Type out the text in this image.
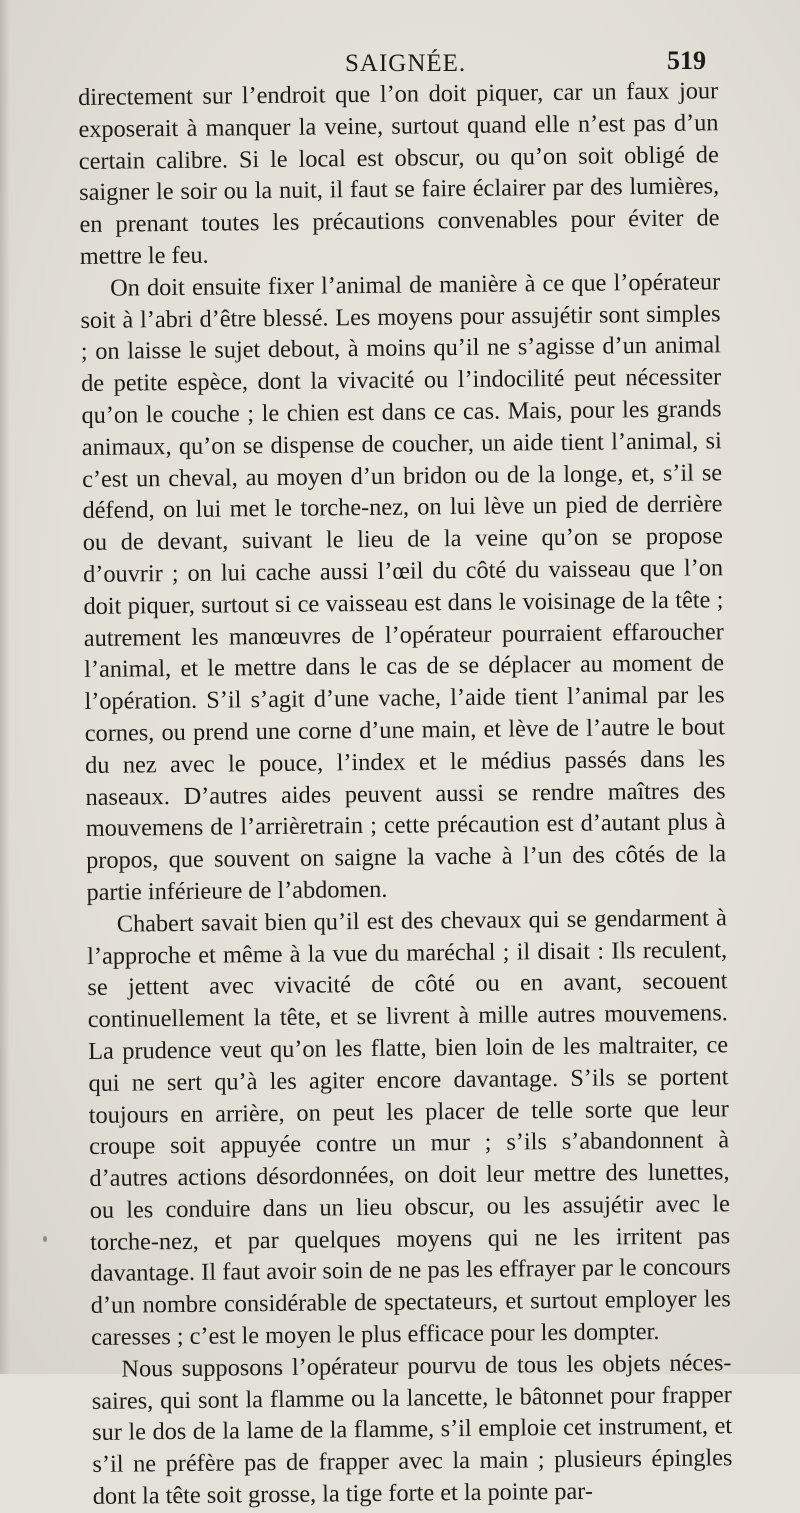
SAIGNÉE.	519

directement sur l’endroit que l’on doit piquer, car un faux jour exposerait à manquer la veine, surtout quand elle n’est pas d’un certain calibre. Si le local est obscur, ou qu’on soit obligé de saigner le soir ou la nuit, il faut se faire éclairer par des lumières, en prenant toutes les précautions convenables pour éviter de mettre le feu.

On doit ensuite fixer l’animal de manière à ce que l’opérateur soit à l’abri d’être blessé. Les moyens pour assujétir sont simples ; on laisse le sujet debout, à moins qu’il ne s’agisse d’un animal de petite espèce, dont la vivacité ou l’indocilité peut nécessiter qu’on le couche ; le chien est dans ce cas. Mais, pour les grands animaux, qu’on se dispense de coucher, un aide tient l’animal, si c’est un cheval, au moyen d’un bridon ou de la longe, et, s’il se défend, on lui met le torche-nez, on lui lève un pied de derrière ou de devant, suivant le lieu de la veine qu’on se propose d’ouvrir ; on lui cache aussi l’œil du côté du vaisseau que l’on doit piquer, surtout si ce vaisseau est dans le voisinage de la tête ; autrement les manœuvres de l’opérateur pourraient effaroucher l’animal, et le mettre dans le cas de se déplacer au moment de l’opération. S’il s’agit d’une vache, l’aide tient l’animal par les cornes, ou prend une corne d’une main, et lève de l’autre le bout du nez avec le pouce, l’index et le médius passés dans les naseaux. D’autres aides peuvent aussi se rendre maîtres des mouvemens de l’arrièretrain ; cette précaution est d’autant plus à propos, que souvent on saigne la vache à l’un des côtés de la partie inférieure de l’abdomen.

Chabert savait bien qu’il est des chevaux qui se gendarment à l’approche et même à la vue du maréchal ; il disait : Ils reculent, se jettent avec vivacité de côté ou en avant, secouent continuellement la tête, et se livrent à mille autres mouvemens. La prudence veut qu’on les flatte, bien loin de les maltraiter, ce qui ne sert qu’à les agiter encore davantage. S’ils se portent toujours en arrière, on peut les placer de telle sorte que leur croupe soit appuyée contre un mur ; s’ils s’abandonnent à d’autres actions désordonnées, on doit leur mettre des lunettes, ou les conduire dans un lieu obscur, ou les assujétir avec le torche-nez, et par quelques moyens qui ne les irritent pas davantage. Il faut avoir soin de ne pas les effrayer par le concours d’un nombre considérable de spectateurs, et surtout employer les caresses ; c’est le moyen le plus efficace pour les dompter.

Nous supposons l’opérateur pourvu de tous les objets nécessaires, qui sont la flamme ou la lancette, le bâtonnet pour frapper sur le dos de la lame de la flamme, s’il emploie cet instrument, et s’il ne préfère pas de frapper avec la main ; plusieurs épingles dont la tête soit grosse, la tige forte et la pointe par-
